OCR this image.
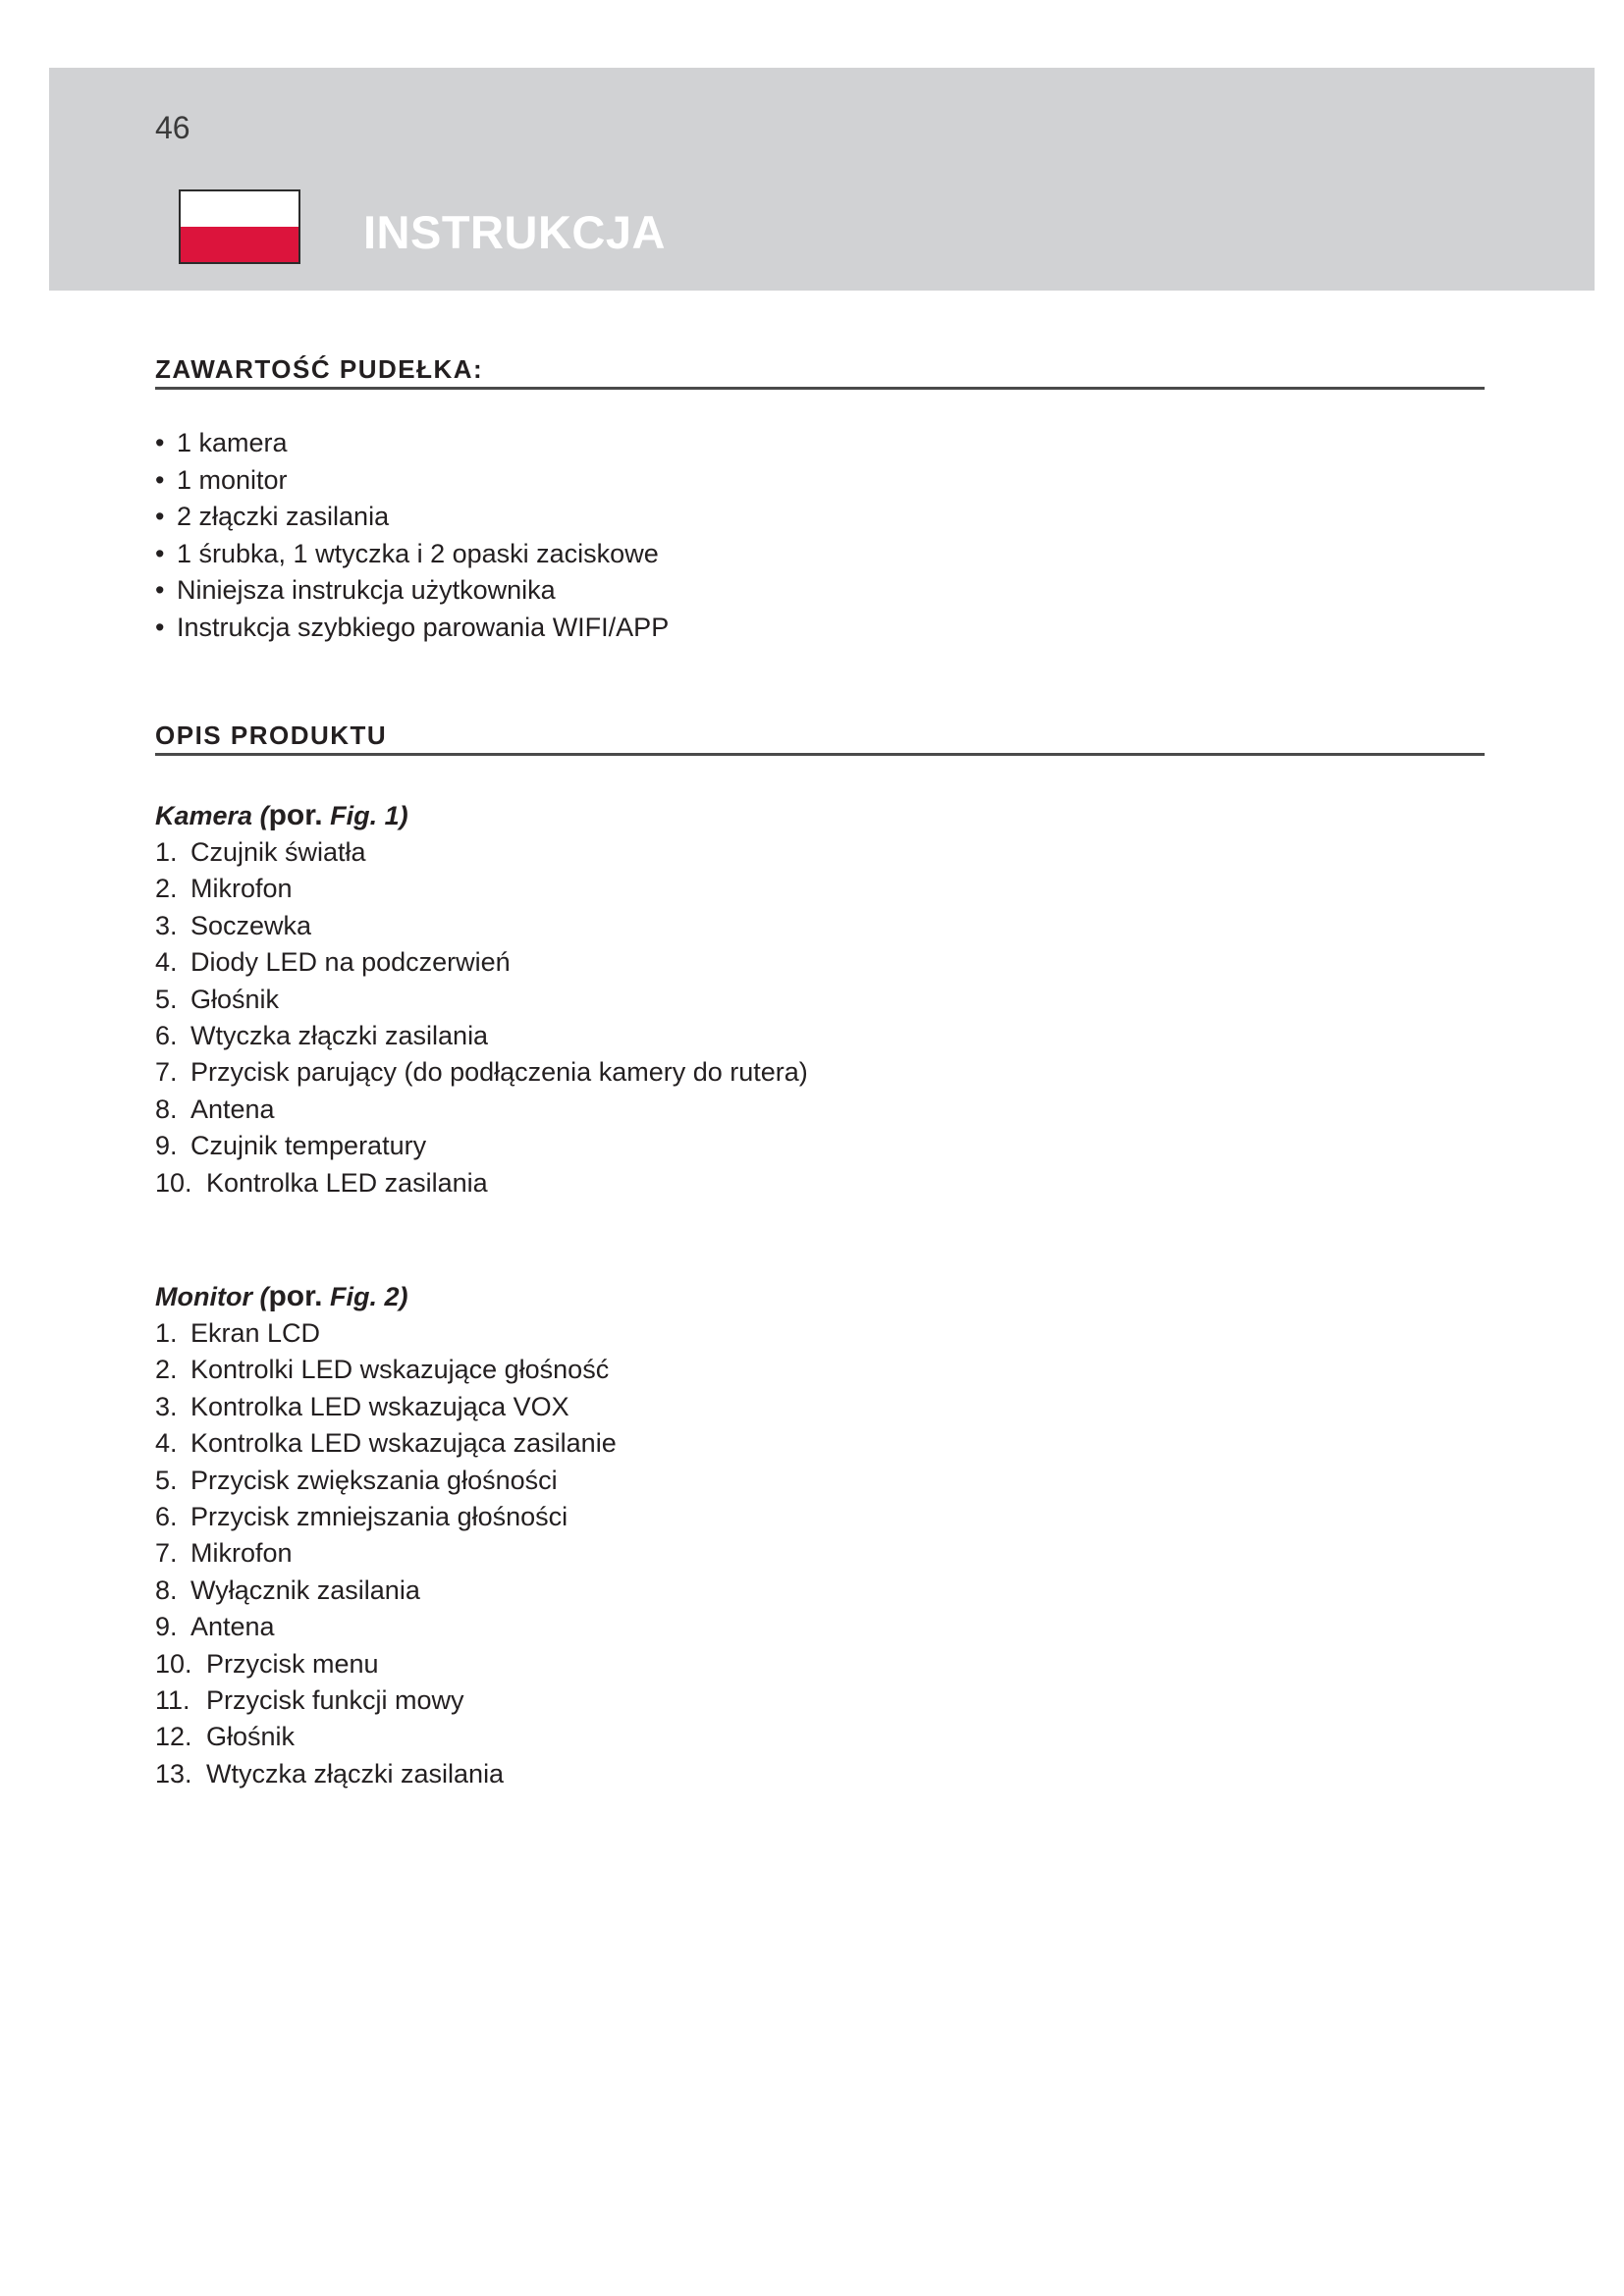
46
INSTRUKCJA
ZAWARTOŚĆ PUDEŁKA:
• 1 kamera
• 1 monitor
• 2 złączki zasilania
• 1 śrubka, 1 wtyczka i 2 opaski zaciskowe
• Niniejsza instrukcja użytkownika
• Instrukcja szybkiego parowania WIFI/APP
OPIS PRODUKTU
Kamera (por. Fig. 1)
1. Czujnik światła
2. Mikrofon
3. Soczewka
4. Diody LED na podczerwień
5. Głośnik
6. Wtyczka złączki zasilania
7. Przycisk parujący (do podłączenia kamery do rutera)
8. Antena
9. Czujnik temperatury
10. Kontrolka LED zasilania
Monitor (por. Fig. 2)
1. Ekran LCD
2. Kontrolki LED wskazujące głośność
3. Kontrolka LED wskazująca VOX
4. Kontrolka LED wskazująca zasilanie
5. Przycisk zwiększania głośności
6. Przycisk zmniejszania głośności
7. Mikrofon
8. Wyłącznik zasilania
9. Antena
10. Przycisk menu
11. Przycisk funkcji mowy
12. Głośnik
13. Wtyczka złączki zasilania
